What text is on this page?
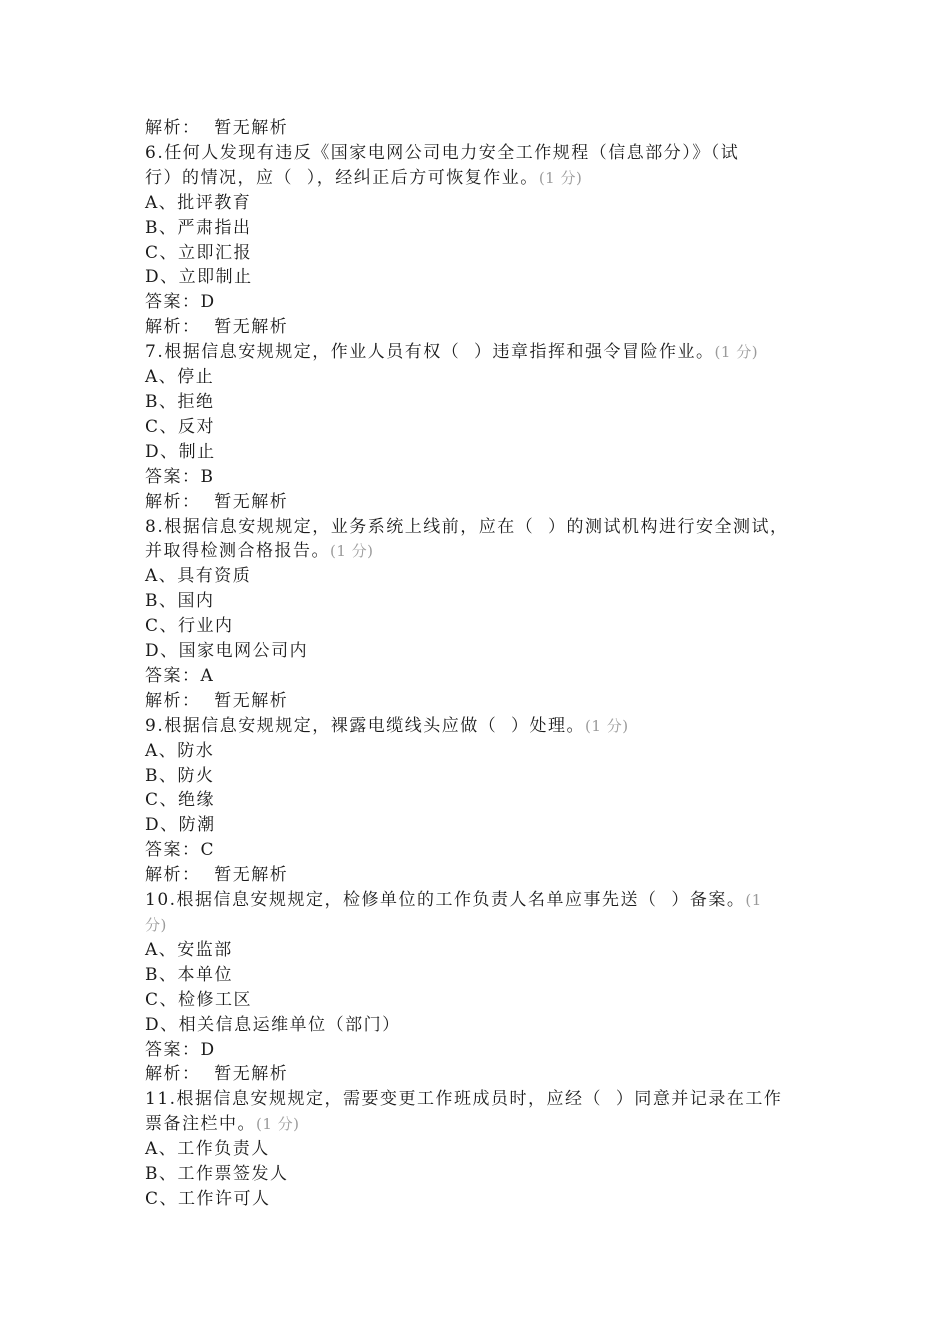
解析：  暂无解析
6.任何人发现有违反《国家电网公司电力安全工作规程（信息部分）》（试
行）的情况，应（  ），经纠正后方可恢复作业。(1 分)
A、批评教育
B、严肃指出
C、立即汇报
D、立即制止
答案：D
解析：  暂无解析
7.根据信息安规规定，作业人员有权（  ）违章指挥和强令冒险作业。(1 分)
A、停止
B、拒绝
C、反对
D、制止
答案：B
解析：  暂无解析
8.根据信息安规规定，业务系统上线前，应在（  ）的测试机构进行安全测试，
并取得检测合格报告。(1 分)
A、具有资质
B、国内
C、行业内
D、国家电网公司内
答案：A
解析：  暂无解析
9.根据信息安规规定，裸露电缆线头应做（  ）处理。(1 分)
A、防水
B、防火
C、绝缘
D、防潮
答案：C
解析：  暂无解析
10.根据信息安规规定，检修单位的工作负责人名单应事先送（  ）备案。(1
分)
A、安监部
B、本单位
C、检修工区
D、相关信息运维单位（部门）
答案：D
解析：  暂无解析
11.根据信息安规规定，需要变更工作班成员时，应经（  ）同意并记录在工作
票备注栏中。(1 分)
A、工作负责人
B、工作票签发人
C、工作许可人
